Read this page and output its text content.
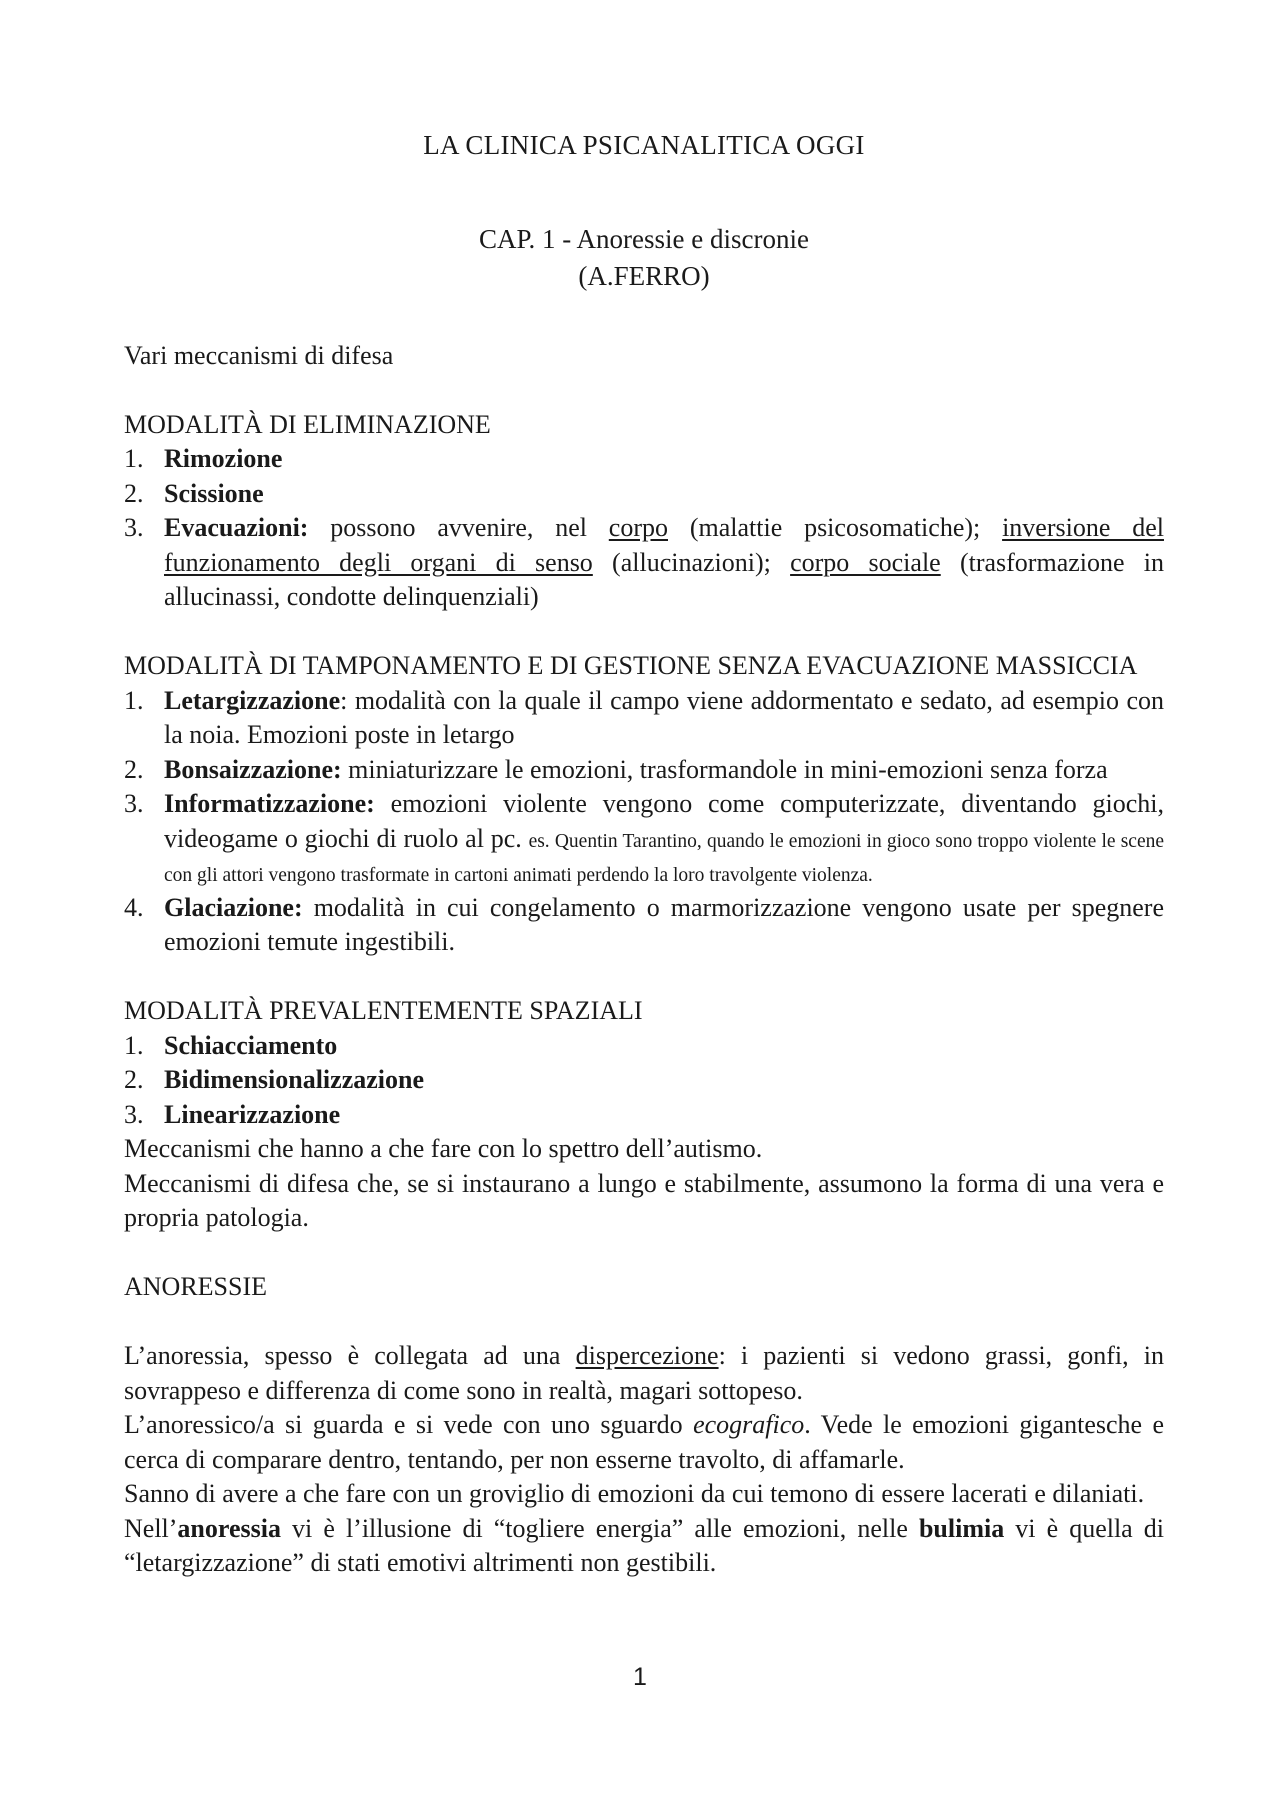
LA CLINICA PSICANALITICA OGGI
CAP. 1 - Anoressie e discronie
(A.FERRO)

Vari meccanismi di difesa

MODALITÀ DI ELIMINAZIONE

1. Rimozione
2. Scissione
3. Evacuazioni: possono avvenire, nel corpo (malattie psicosomatiche); inversione del funzionamento degli organi di senso (allucinazioni); corpo sociale (trasformazione in allucinassi, condotte delinquenziali)

MODALITÀ DI TAMPONAMENTO E DI GESTIONE SENZA EVACUAZIONE MASSICCIA

1. Letargizzazione: modalità con la quale il campo viene addormentato e sedato, ad esempio con la noia. Emozioni poste in letargo
2. Bonsaizzazione: miniaturizzare le emozioni, trasformandole in mini-emozioni senza forza
3. Informatizzazione: emozioni violente vengono come computerizzate, diventando giochi, videogame o giochi di ruolo al pc. es. Quentin Tarantino, quando le emozioni in gioco sono troppo violente le scene con gli attori vengono trasformate in cartoni animati perdendo la loro travolgente violenza.
4. Glaciazione: modalità in cui congelamento o marmorizzazione vengono usate per spegnere emozioni temute ingestibili.

MODALITÀ PREVALENTEMENTE SPAZIALI

1. Schiacciamento
2. Bidimensionalizzazione
3. Linearizzazione

Meccanismi che hanno a che fare con lo spettro dell’autismo.

Meccanismi di difesa che, se si instaurano a lungo e stabilmente, assumono la forma di una vera e propria patologia.

ANORESSIE

L’anoressia, spesso è collegata ad una dispercezione: i pazienti si vedono grassi, gonfi, in sovrappeso e differenza di come sono in realtà, magari sottopeso.

L’anoressico/a si guarda e si vede con uno sguardo ecografico. Vede le emozioni gigantesche e cerca di comparare dentro, tentando, per non esserne travolto, di affamarle.

Sanno di avere a che fare con un groviglio di emozioni da cui temono di essere lacerati e dilaniati.

Nell’anoressia vi è l’illusione di “togliere energia” alle emozioni, nelle bulimia vi è quella di “letargizzazione” di stati emotivi altrimenti non gestibili.

1
